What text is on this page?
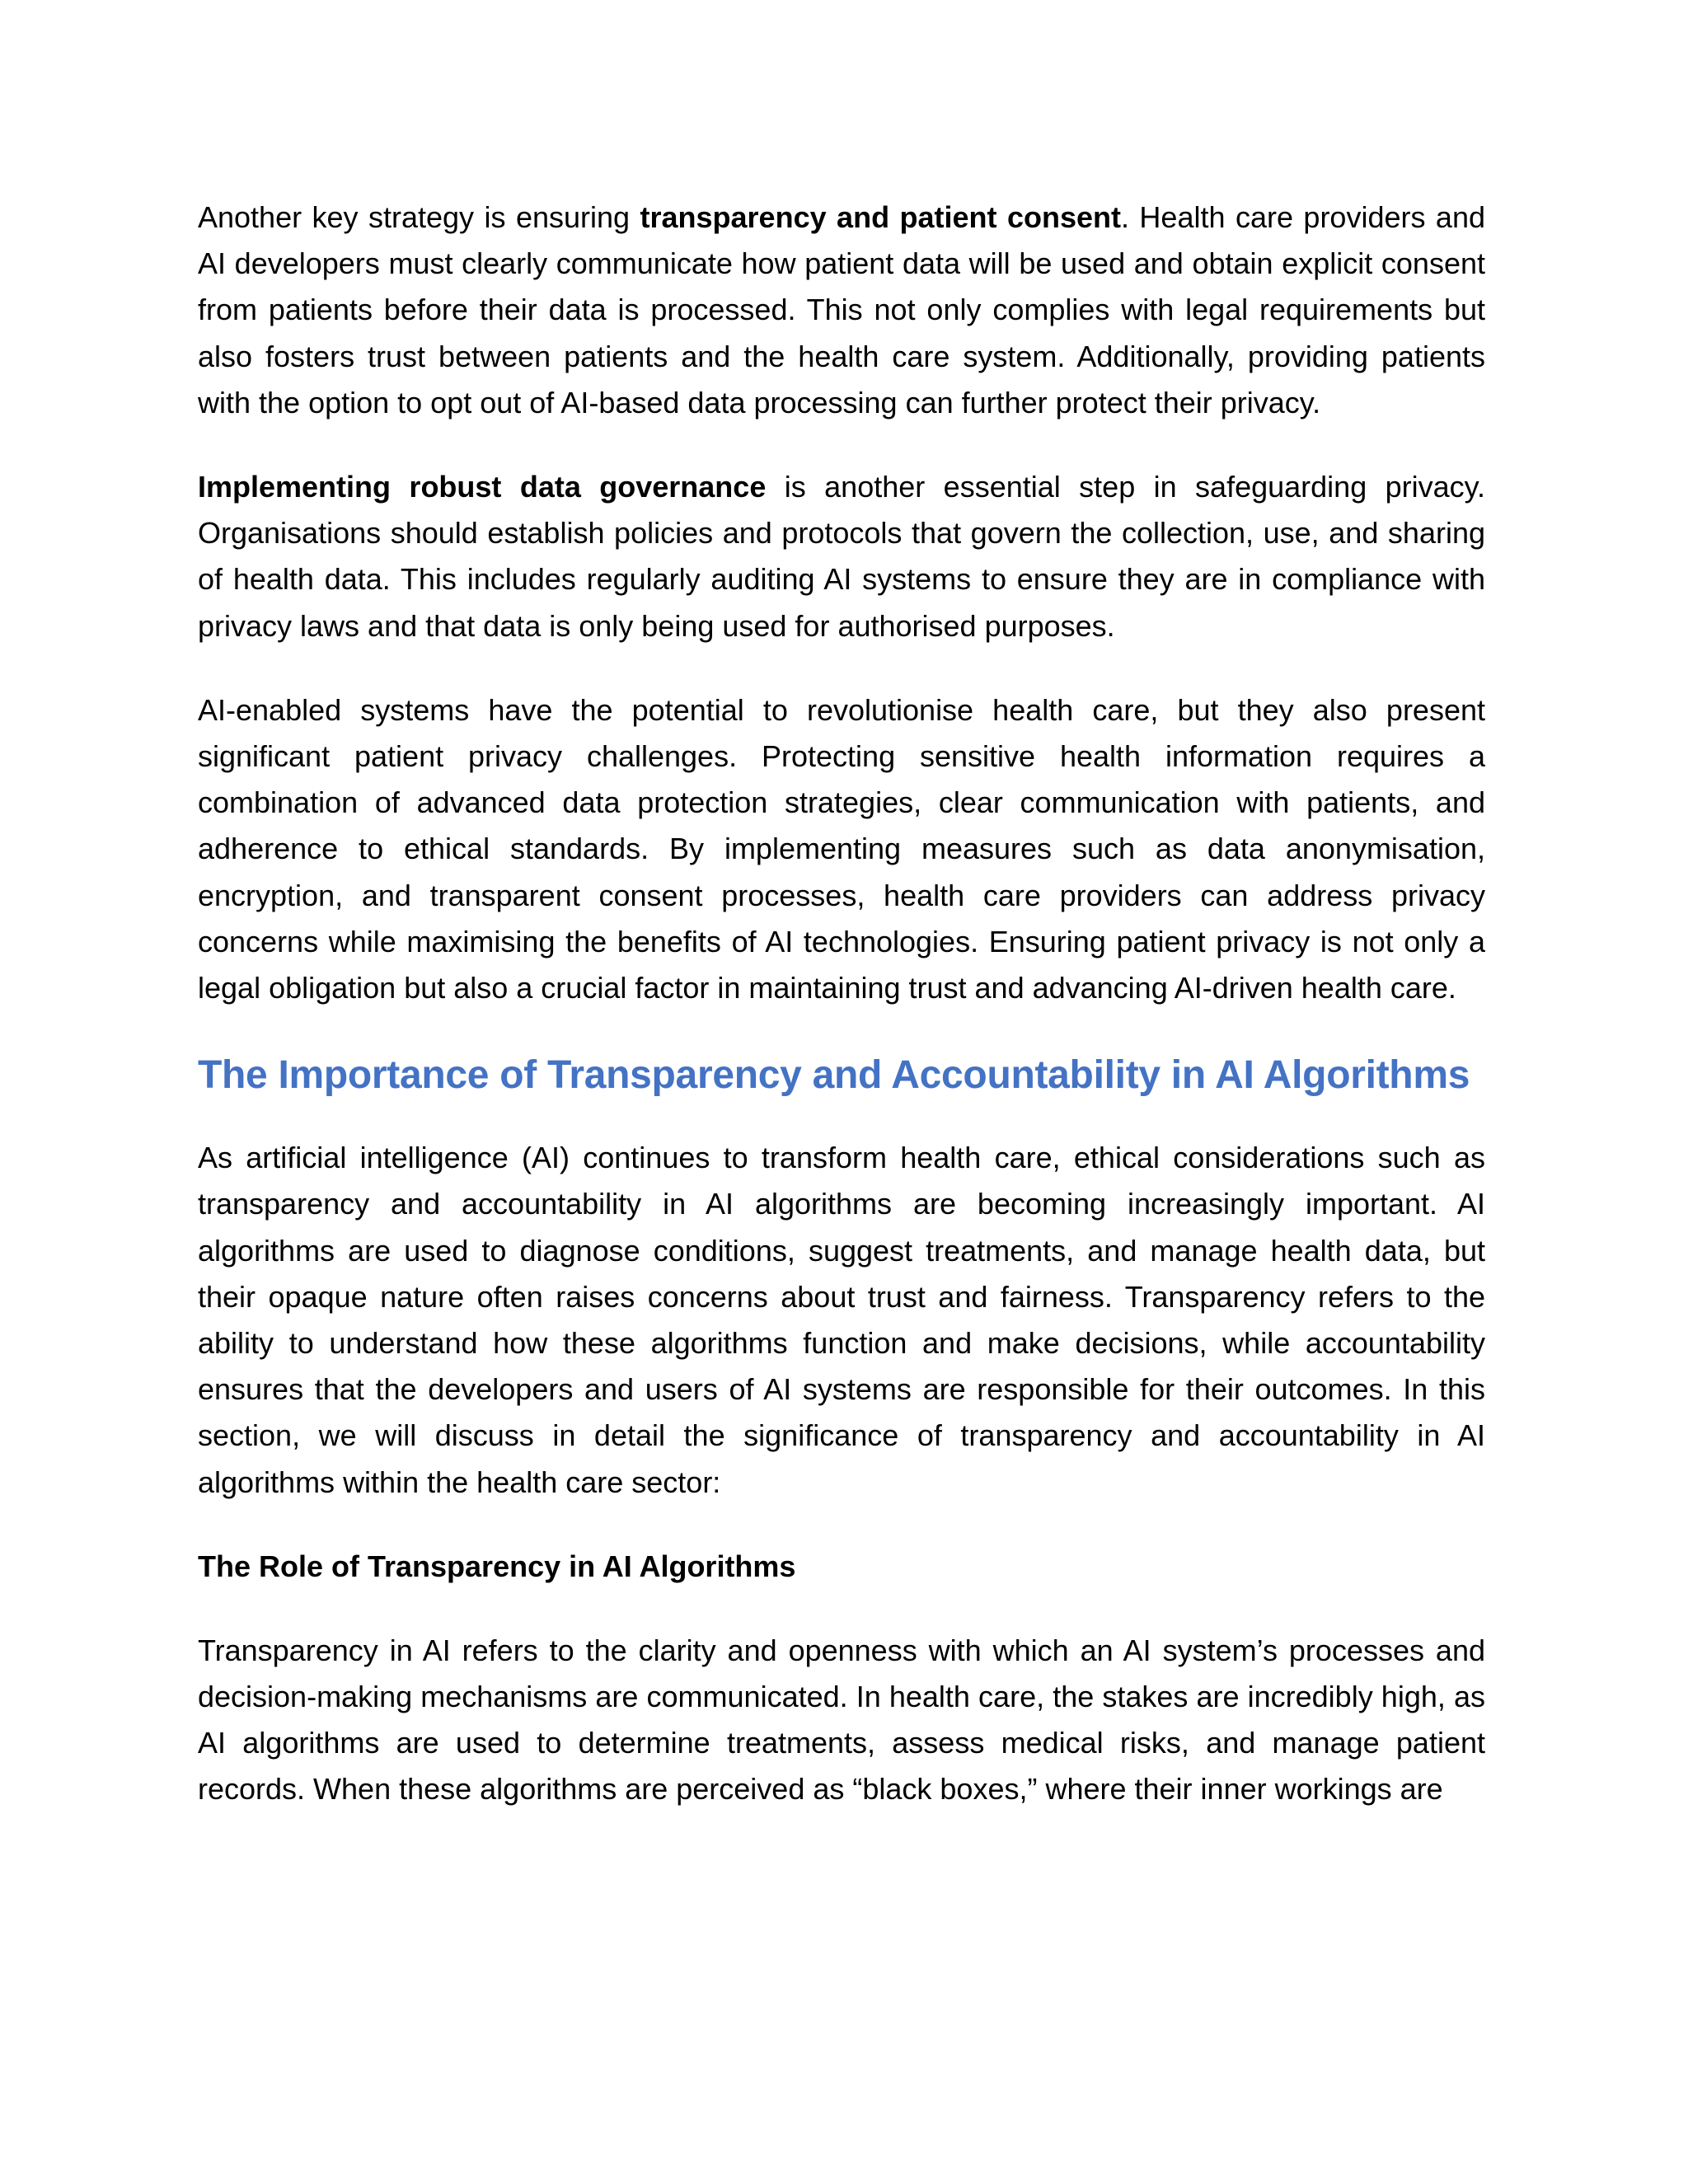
Another key strategy is ensuring transparency and patient consent. Health care providers and AI developers must clearly communicate how patient data will be used and obtain explicit consent from patients before their data is processed. This not only complies with legal requirements but also fosters trust between patients and the health care system. Additionally, providing patients with the option to opt out of AI-based data processing can further protect their privacy.

Implementing robust data governance is another essential step in safeguarding privacy. Organisations should establish policies and protocols that govern the collection, use, and sharing of health data. This includes regularly auditing AI systems to ensure they are in compliance with privacy laws and that data is only being used for authorised purposes.

AI-enabled systems have the potential to revolutionise health care, but they also present significant patient privacy challenges. Protecting sensitive health information requires a combination of advanced data protection strategies, clear communication with patients, and adherence to ethical standards. By implementing measures such as data anonymisation, encryption, and transparent consent processes, health care providers can address privacy concerns while maximising the benefits of AI technologies. Ensuring patient privacy is not only a legal obligation but also a crucial factor in maintaining trust and advancing AI-driven health care.

The Importance of Transparency and Accountability in AI Algorithms

As artificial intelligence (AI) continues to transform health care, ethical considerations such as transparency and accountability in AI algorithms are becoming increasingly important. AI algorithms are used to diagnose conditions, suggest treatments, and manage health data, but their opaque nature often raises concerns about trust and fairness. Transparency refers to the ability to understand how these algorithms function and make decisions, while accountability ensures that the developers and users of AI systems are responsible for their outcomes. In this section, we will discuss in detail the significance of transparency and accountability in AI algorithms within the health care sector:

The Role of Transparency in AI Algorithms

Transparency in AI refers to the clarity and openness with which an AI system’s processes and decision-making mechanisms are communicated. In health care, the stakes are incredibly high, as AI algorithms are used to determine treatments, assess medical risks, and manage patient records. When these algorithms are perceived as “black boxes,” where their inner workings are
